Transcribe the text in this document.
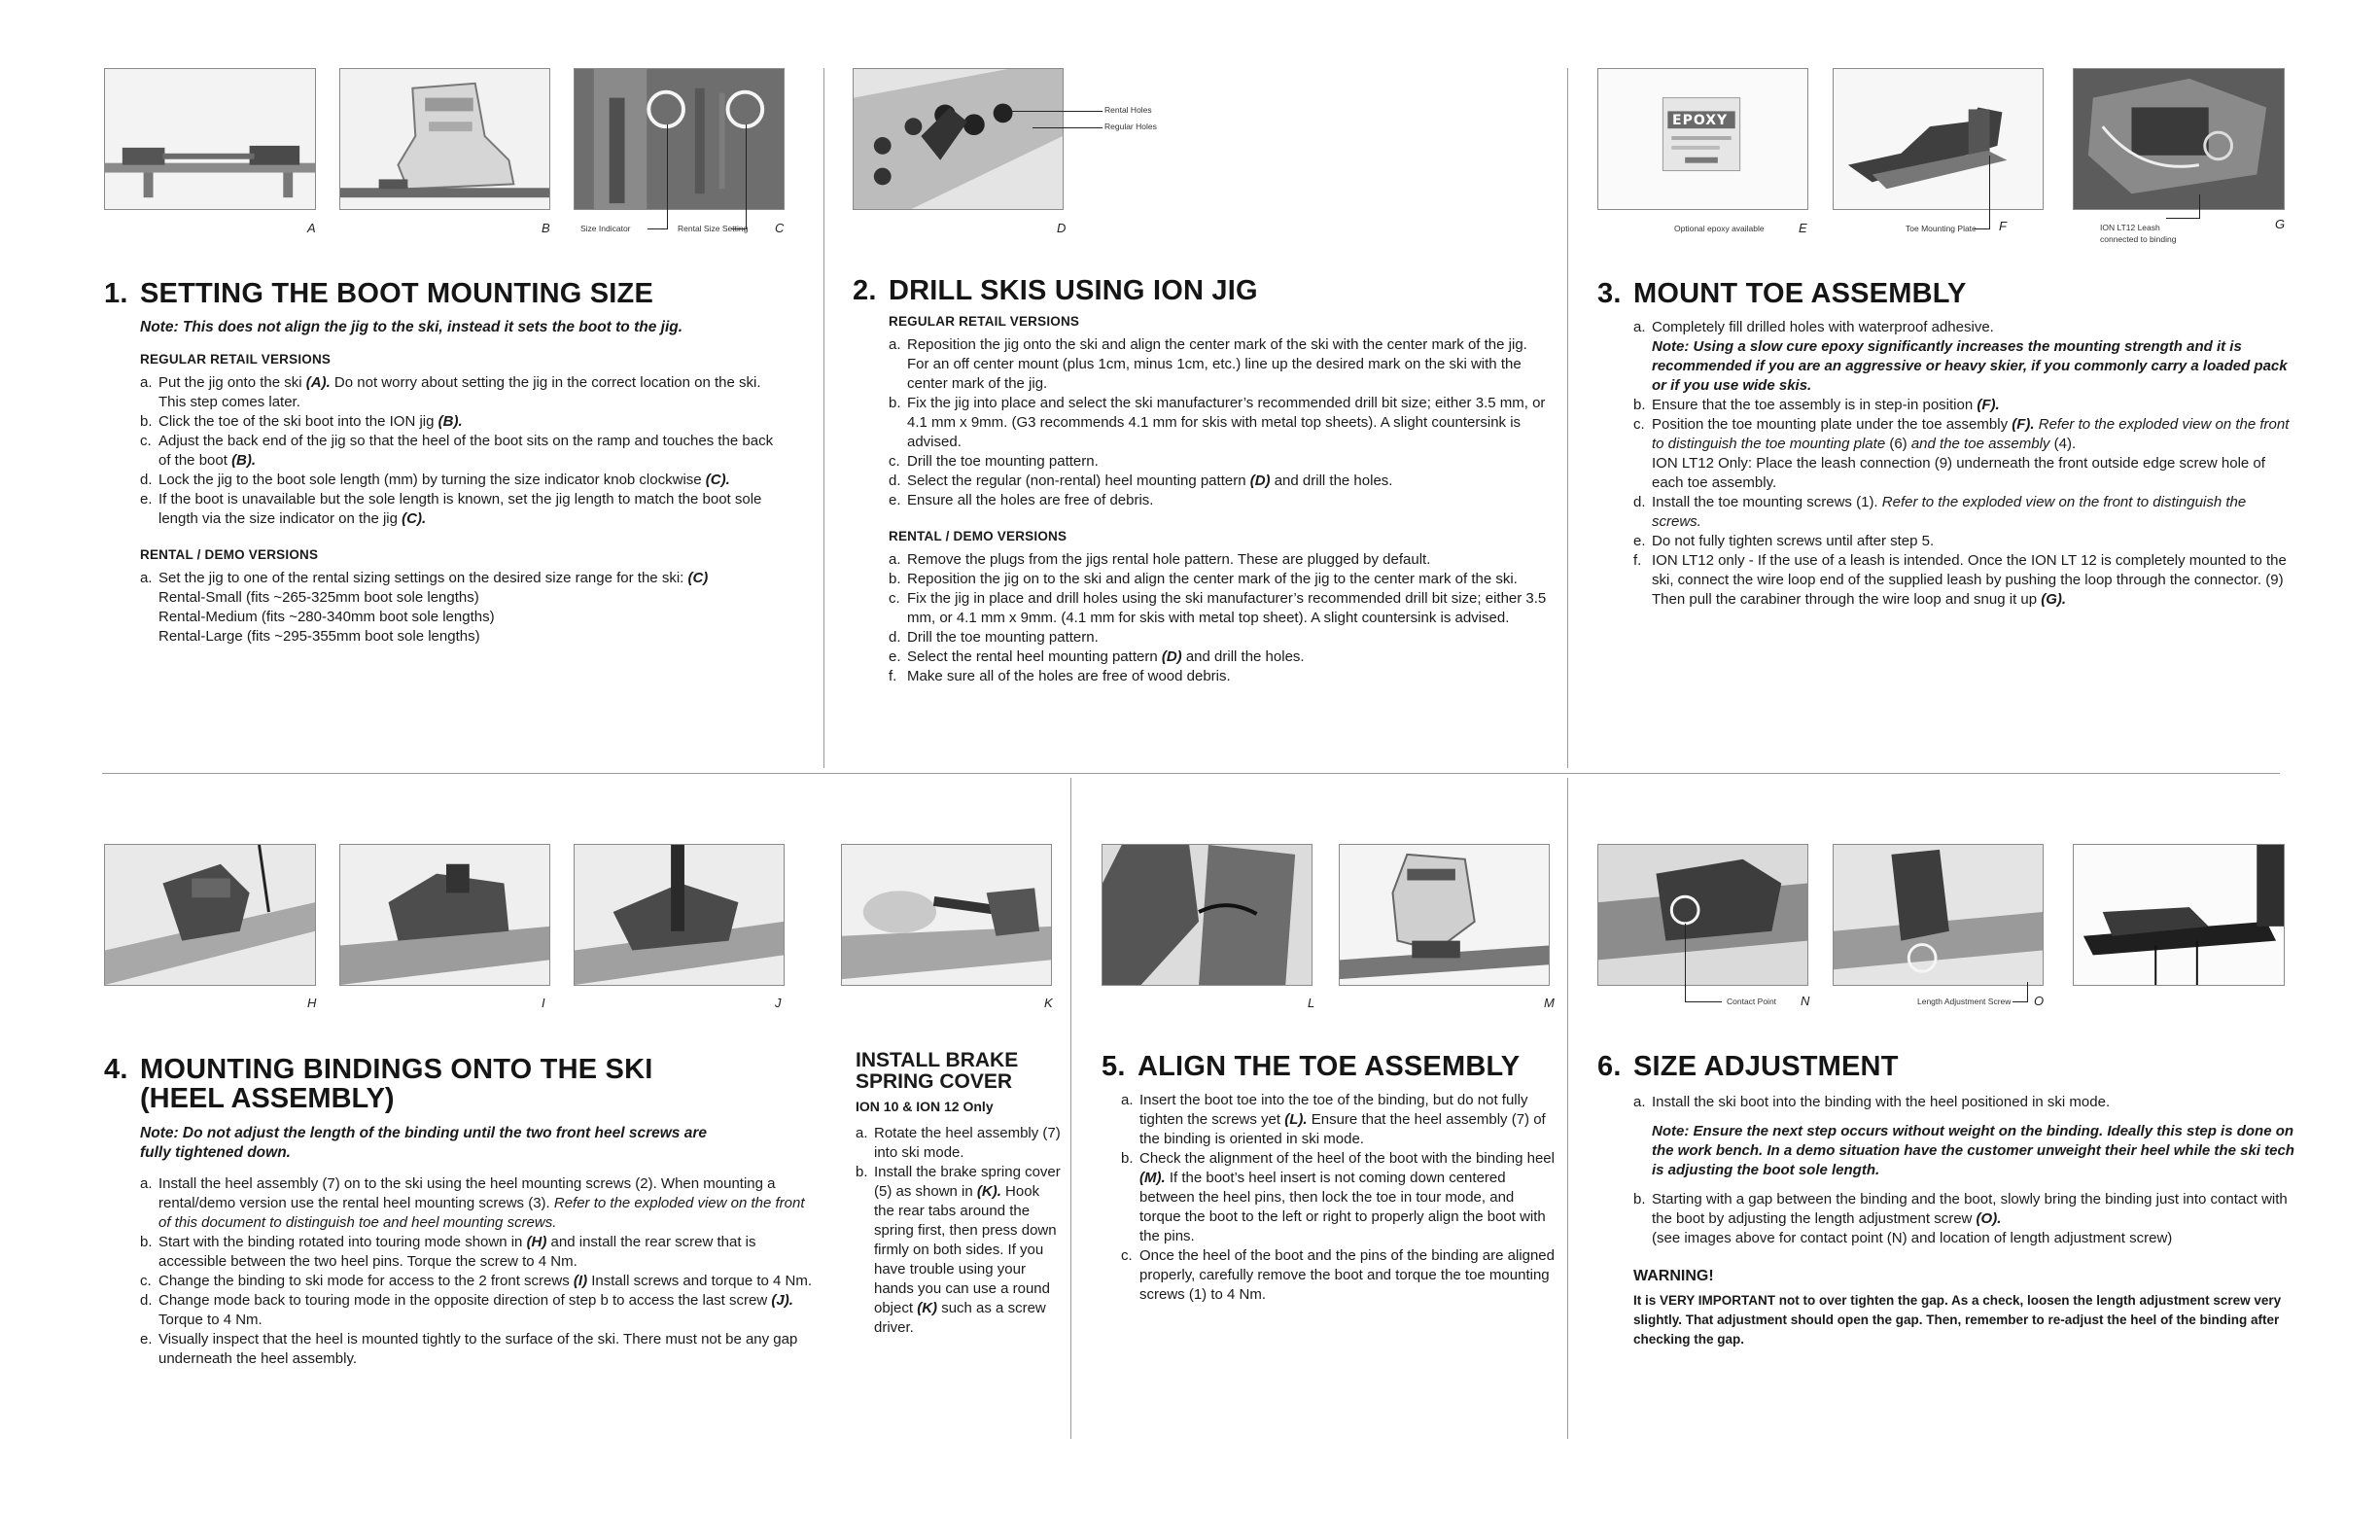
A	B	Size Indicator	Rental Size Setting C
Rental Holes
Regular Holes
D
EPOXY
Optional epoxy available	E	Toe Mounting Plate F	ION LT12 Leash
connected to binding
G
1. SETTING THE BOOT MOUNTING SIZE
Note: This does not align the jig to the ski, instead it sets the boot to the jig.
REGULAR RETAIL VERSIONS
a. Put the jig onto the ski (A). Do not worry about setting the jig in the correct location on the ski. This step comes later.
b. Click the toe of the ski boot into the ION jig (B).
c. Adjust the back end of the jig so that the heel of the boot sits on the ramp and touches the back of the boot (B).
d. Lock the jig to the boot sole length (mm) by turning the size indicator knob clockwise (C).
e. If the boot is unavailable but the sole length is known, set the jig length to match the boot sole length via the size indicator on the jig (C).
RENTAL / DEMO VERSIONS
a. Set the jig to one of the rental sizing settings on the desired size range for the ski: (C)
Rental-Small (fits ~265-325mm boot sole lengths)
Rental-Medium (fits ~280-340mm boot sole lengths)
Rental-Large (fits ~295-355mm boot sole lengths)
2. DRILL SKIS USING ION JIG
REGULAR RETAIL VERSIONS
a. Reposition the jig onto the ski and align the center mark of the ski with the center mark of the jig. For an off center mount (plus 1cm, minus 1cm, etc.) line up the desired mark on the ski with the center mark of the jig.
b. Fix the jig into place and select the ski manufacturer’s recommended drill bit size; either 3.5 mm, or 4.1 mm x 9mm. (G3 recommends 4.1 mm for skis with metal top sheets). A slight countersink is advised.
c. Drill the toe mounting pattern.
d. Select the regular (non-rental) heel mounting pattern (D) and drill the holes.
e. Ensure all the holes are free of debris.
RENTAL / DEMO VERSIONS
a. Remove the plugs from the jigs rental hole pattern. These are plugged by default.
b. Reposition the jig on to the ski and align the center mark of the jig to the center mark of the ski.
c. Fix the jig in place and drill holes using the ski manufacturer’s recommended drill bit size; either 3.5 mm, or 4.1 mm x 9mm. (4.1 mm for skis with metal top sheet). A slight countersink is advised.
d. Drill the toe mounting pattern.
e. Select the rental heel mounting pattern (D) and drill the holes.
f. Make sure all of the holes are free of wood debris.
3. MOUNT TOE ASSEMBLY
a. Completely fill drilled holes with waterproof adhesive.
Note: Using a slow cure epoxy significantly increases the mounting strength and it is recommended if you are an aggressive or heavy skier, if you commonly carry a loaded pack or if you use wide skis.
b. Ensure that the toe assembly is in step-in position (F).
c. Position the toe mounting plate under the toe assembly (F). Refer to the exploded view on the front to distinguish the toe mounting plate (6) and the toe assembly (4).
ION LT12 Only: Place the leash connection (9) underneath the front outside edge screw hole of each toe assembly.
d. Install the toe mounting screws (1). Refer to the exploded view on the front to distinguish the screws.
e. Do not fully tighten screws until after step 5.
f. ION LT12 only - If the use of a leash is intended. Once the ION LT 12 is completely mounted to the ski, connect the wire loop end of the supplied leash by pushing the loop through the connector. (9) Then pull the carabiner through the wire loop and snug it up (G).
H	I	J	K	L	M	Contact Point N	Length Adjustment Screw O
4. MOUNTING BINDINGS ONTO THE SKI
(HEEL ASSEMBLY)
Note: Do not adjust the length of the binding until the two front heel screws are fully tightened down.
a. Install the heel assembly (7) on to the ski using the heel mounting screws (2). When mounting a rental/demo version use the rental heel mounting screws (3). Refer to the exploded view on the front of this document to distinguish toe and heel mounting screws.
b. Start with the binding rotated into touring mode shown in (H) and install the rear screw that is accessible between the two heel pins. Torque the screw to 4 Nm.
c. Change the binding to ski mode for access to the 2 front screws (I) Install screws and torque to 4 Nm.
d. Change mode back to touring mode in the opposite direction of step b to access the last screw (J). Torque to 4 Nm.
e. Visually inspect that the heel is mounted tightly to the surface of the ski. There must not be any gap underneath the heel assembly.
INSTALL BRAKE
SPRING COVER
ION 10 & ION 12 Only
a. Rotate the heel assembly (7) into ski mode.
b. Install the brake spring cover (5) as shown in (K). Hook the rear tabs around the spring first, then press down firmly on both sides. If you have trouble using your hands you can use a round object (K) such as a screw driver.
5. ALIGN THE TOE ASSEMBLY
a. Insert the boot toe into the toe of the binding, but do not fully tighten the screws yet (L). Ensure that the heel assembly (7) of the binding is oriented in ski mode.
b. Check the alignment of the heel of the boot with the binding heel (M). If the boot’s heel insert is not coming down centered between the heel pins, then lock the toe in tour mode, and torque the boot to the left or right to properly align the boot with the pins.
c. Once the heel of the boot and the pins of the binding are aligned properly, carefully remove the boot and torque the toe mounting screws (1) to 4 Nm.
6. SIZE ADJUSTMENT
a. Install the ski boot into the binding with the heel positioned in ski mode.
Note: Ensure the next step occurs without weight on the binding. Ideally this step is done on the work bench. In a demo situation have the customer unweight their heel while the ski tech is adjusting the boot sole length.
b. Starting with a gap between the binding and the boot, slowly bring the binding just into contact with the boot by adjusting the length adjustment screw (O).
(see images above for contact point (N) and location of length adjustment screw)
WARNING!
It is VERY IMPORTANT not to over tighten the gap. As a check, loosen the length adjustment screw very slightly. That adjustment should open the gap. Then, remember to re-adjust the heel of the binding after checking the gap.
